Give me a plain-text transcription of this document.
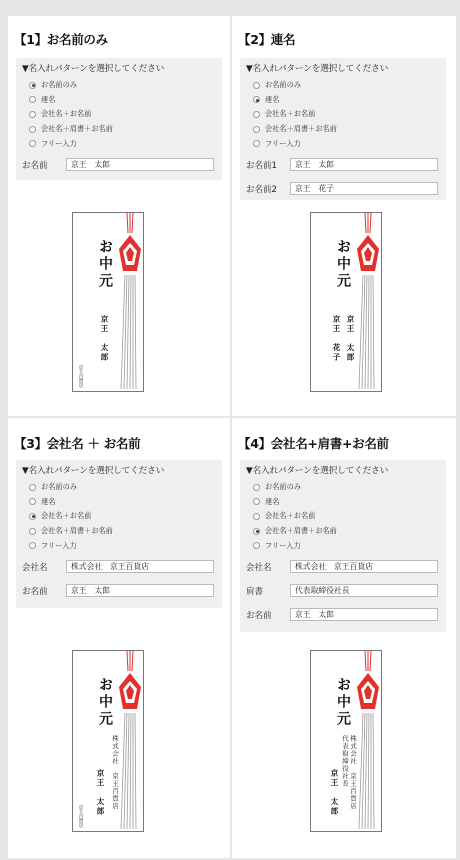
【1】お名前のみ
▼名入れパターンを選択してください
お名前のみ
連名
会社名＋お名前
会社名＋肩書＋お名前
フリー入力
お名前	京王　太郎
お中元
京王　太郎
京王百貨店
【2】連名
▼名入れパターンを選択してください
お名前のみ
連名
会社名＋お名前
会社名＋肩書＋お名前
フリー入力
お名前1	京王　太郎
お名前2	京王　花子
お中元
京王　太郎
京王　花子
【3】会社名 ＋ お名前
▼名入れパターンを選択してください
お名前のみ
連名
会社名＋お名前
会社名＋肩書＋お名前
フリー入力
会社名	株式会社　京王百貨店
お名前	京王　太郎
お中元
株式会社　京王百貨店
京王　太郎
京王百貨店
【4】会社名+肩書+お名前
▼名入れパターンを選択してください
お名前のみ
連名
会社名＋お名前
会社名＋肩書＋お名前
フリー入力
会社名	株式会社　京王百貨店
肩書	代表取締役社長
お名前	京王　太郎
お中元
株式会社　京王百貨店
代表取締役社長
京王　太郎
